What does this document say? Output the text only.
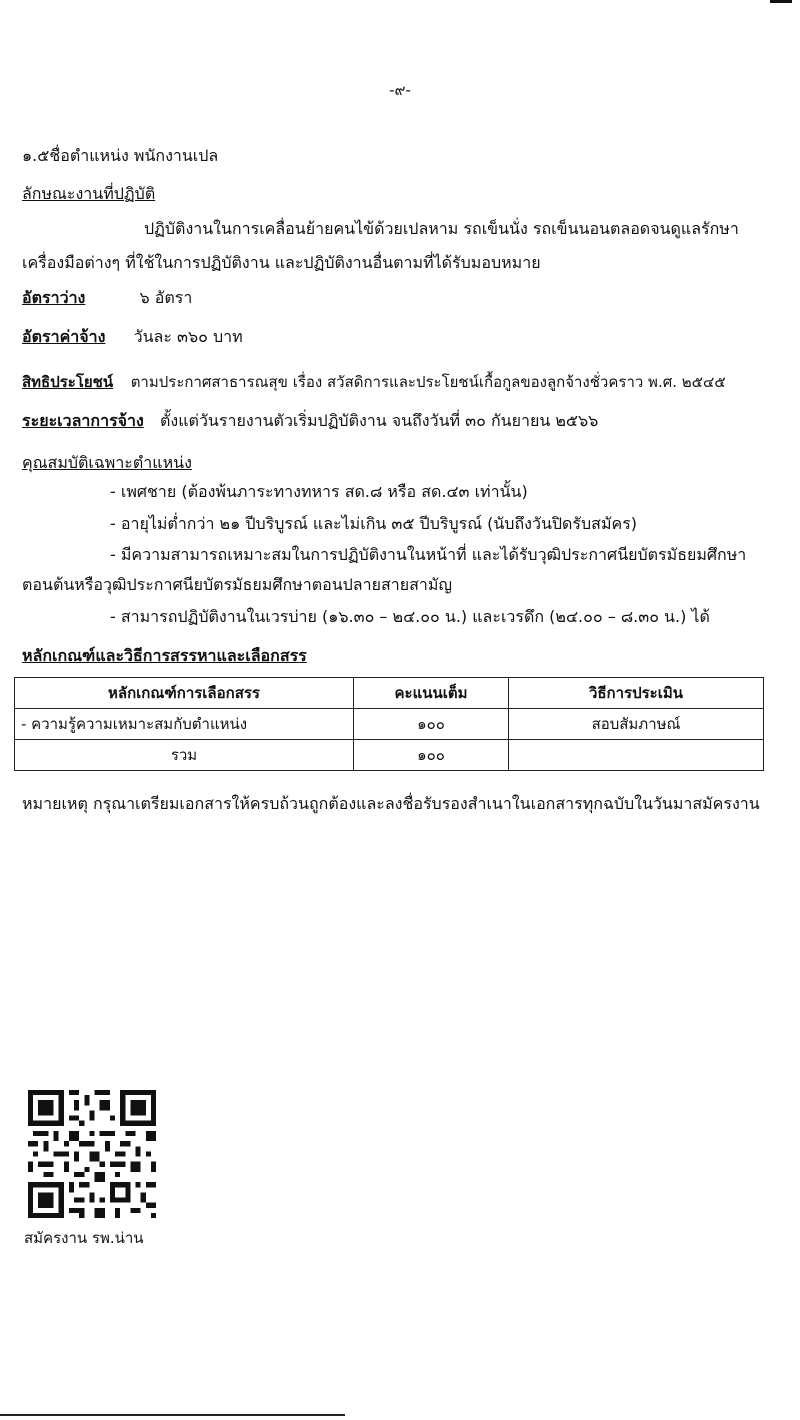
-๙-
๑.๕ชื่อตำแหน่ง พนักงานเปล
ลักษณะงานที่ปฏิบัติ
ปฏิบัติงานในการเคลื่อนย้ายคนไข้ด้วยเปลหาม รถเข็นนั่ง รถเข็นนอนตลอดจนดูแลรักษา
เครื่องมือต่างๆ ที่ใช้ในการปฏิบัติงาน และปฏิบัติงานอื่นตามที่ได้รับมอบหมาย
อัตราว่าง	๖ อัตรา
อัตราค่าจ้าง วันละ ๓๖๐ บาท
สิทธิประโยชน์ ตามประกาศสาธารณสุข เรื่อง สวัสดิการและประโยชน์เกื้อกูลของลูกจ้างชั่วคราว พ.ศ. ๒๕๔๕
ระยะเวลาการจ้าง ตั้งแต่วันรายงานตัวเริ่มปฏิบัติงาน จนถึงวันที่ ๓๐ กันยายน ๒๕๖๖
คุณสมบัติเฉพาะตำแหน่ง
- เพศชาย (ต้องพ้นภาระทางทหาร สด.๘ หรือ สด.๔๓ เท่านั้น)
- อายุไม่ต่ำกว่า ๒๑ ปีบริบูรณ์ และไม่เกิน ๓๕ ปีบริบูรณ์ (นับถึงวันปิดรับสมัคร)
- มีความสามารถเหมาะสมในการปฏิบัติงานในหน้าที่ และได้รับวุฒิประกาศนียบัตรมัธยมศึกษา
ตอนต้นหรือวุฒิประกาศนียบัตรมัธยมศึกษาตอนปลายสายสามัญ
- สามารถปฏิบัติงานในเวรบ่าย (๑๖.๓๐ – ๒๔.๐๐ น.) และเวรดึก (๒๔.๐๐ – ๘.๓๐ น.) ได้
หลักเกณฑ์และวิธีการสรรหาและเลือกสรร
หลักเกณฑ์การเลือกสรร	คะแนนเต็ม	วิธีการประเมิน
- ความรู้ความเหมาะสมกับตำแหน่ง	๑๐๐	สอบสัมภาษณ์
รวม	๑๐๐	
หมายเหตุ กรุณาเตรียมเอกสารให้ครบถ้วนถูกต้องและลงชื่อรับรองสำเนาในเอกสารทุกฉบับในวันมาสมัครงาน
สมัครงาน รพ.น่าน
